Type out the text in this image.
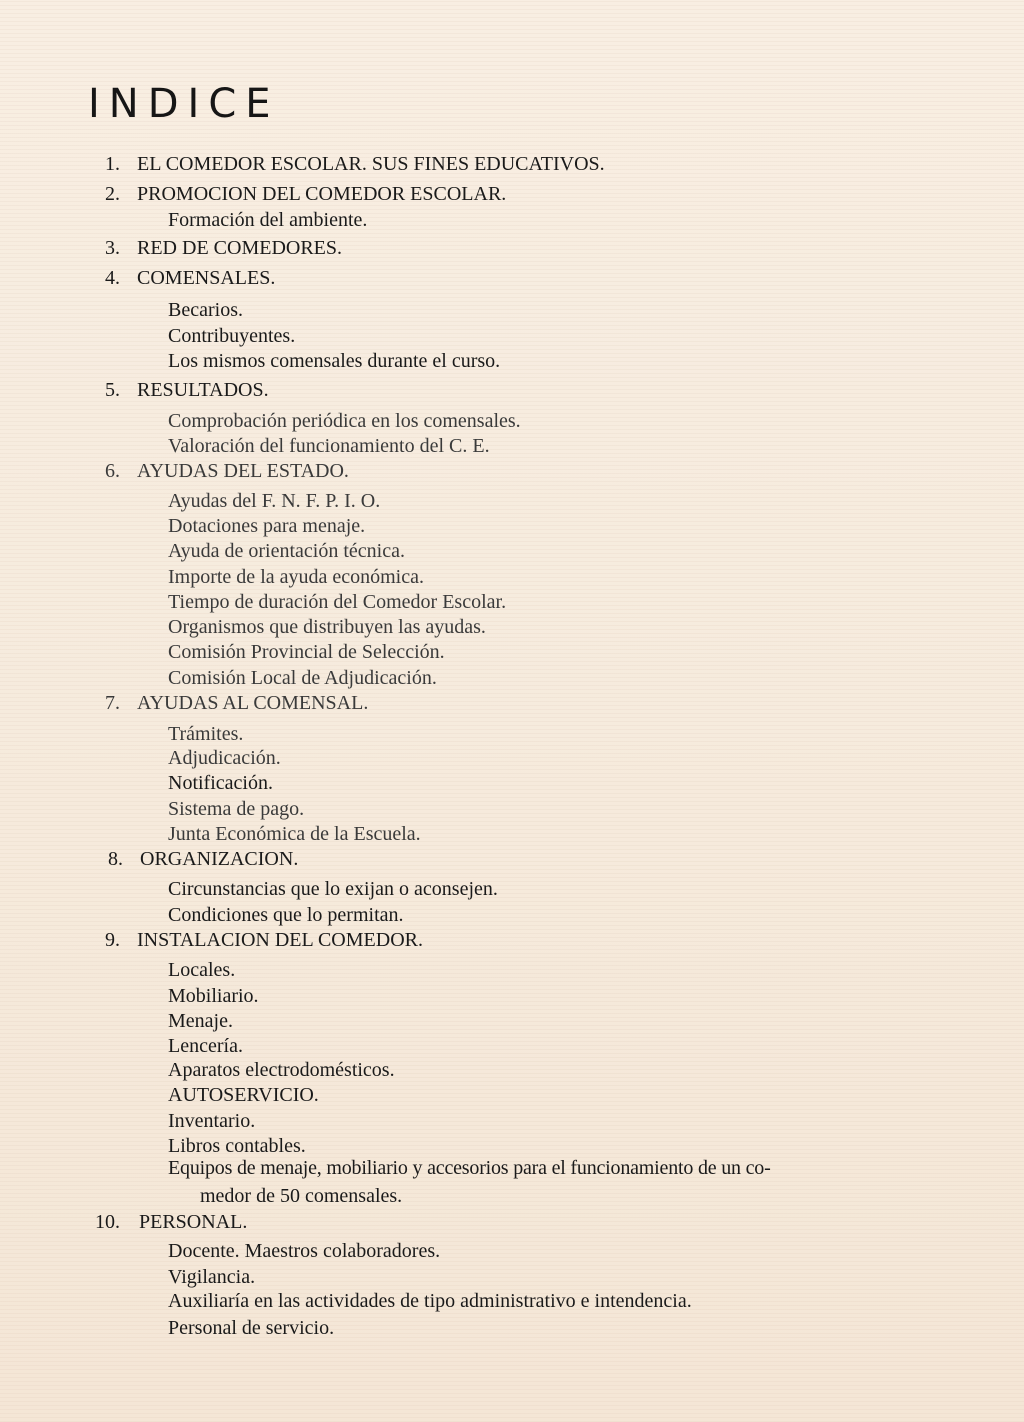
INDICE
1. EL COMEDOR ESCOLAR. SUS FINES EDUCATIVOS.
2. PROMOCION DEL COMEDOR ESCOLAR.
Formación del ambiente.
3. RED DE COMEDORES.
4. COMENSALES.
Becarios.
Contribuyentes.
Los mismos comensales durante el curso.
5. RESULTADOS.
Comprobación periódica en los comensales.
Valoración del funcionamiento del C. E.
6. AYUDAS DEL ESTADO.
Ayudas del F. N. F. P. I. O.
Dotaciones para menaje.
Ayuda de orientación técnica.
Importe de la ayuda económica.
Tiempo de duración del Comedor Escolar.
Organismos que distribuyen las ayudas.
Comisión Provincial de Selección.
Comisión Local de Adjudicación.
7. AYUDAS AL COMENSAL.
Trámites.
Adjudicación.
Notificación.
Sistema de pago.
Junta Económica de la Escuela.
8. ORGANIZACION.
Circunstancias que lo exijan o aconsejen.
Condiciones que lo permitan.
9. INSTALACION DEL COMEDOR.
Locales.
Mobiliario.
Menaje.
Lencería.
Aparatos electrodomésticos.
AUTOSERVICIO.
Inventario.
Libros contables.
Equipos de menaje, mobiliario y accesorios para el funcionamiento de un co-
medor de 50 comensales.
10. PERSONAL.
Docente. Maestros colaboradores.
Vigilancia.
Auxiliaría en las actividades de tipo administrativo e intendencia.
Personal de servicio.
